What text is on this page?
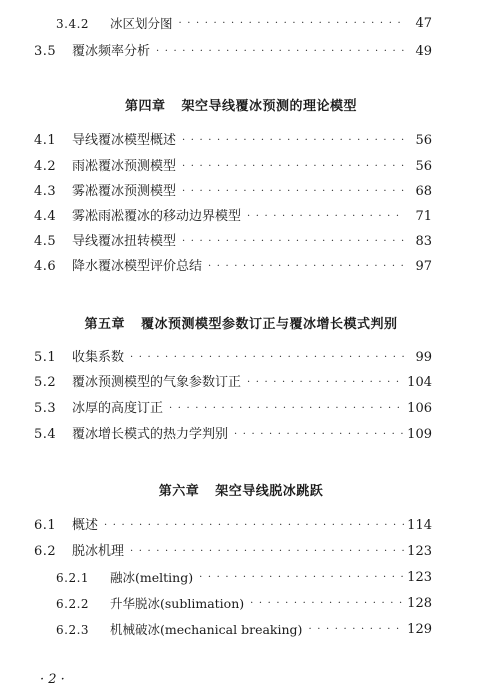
3.4.2	冰区划分图 · · ·	47
3.5	覆冰频率分析 · · ·	49
第四章 架空导线覆冰预测的理论模型
4.1	导线覆冰模型概述 · · ·	56
4.2	雨凇覆冰预测模型 · · ·	56
4.3	雾凇覆冰预测模型 · · ·	68
4.4	雾凇雨凇覆冰的移动边界模型 · · ·	71
4.5	导线覆冰扭转模型 · · ·	83
4.6	降水覆冰模型评价总结 · · ·	97
第五章 覆冰预测模型参数订正与覆冰增长模式判别
5.1	收集系数 · · ·	99
5.2	覆冰预测模型的气象参数订正 · · ·	104
5.3	冰厚的高度订正 · · ·	106
5.4	覆冰增长模式的热力学判别 · · ·	109
第六章 架空导线脱冰跳跃
6.1	概述 · · ·	114
6.2	脱冰机理 · · ·	123
6.2.1	融冰(melting) · · ·	123
6.2.2	升华脱冰(sublimation) · · ·	128
6.2.3	机械破冰(mechanical breaking) · · ·	129
· 2 ·
